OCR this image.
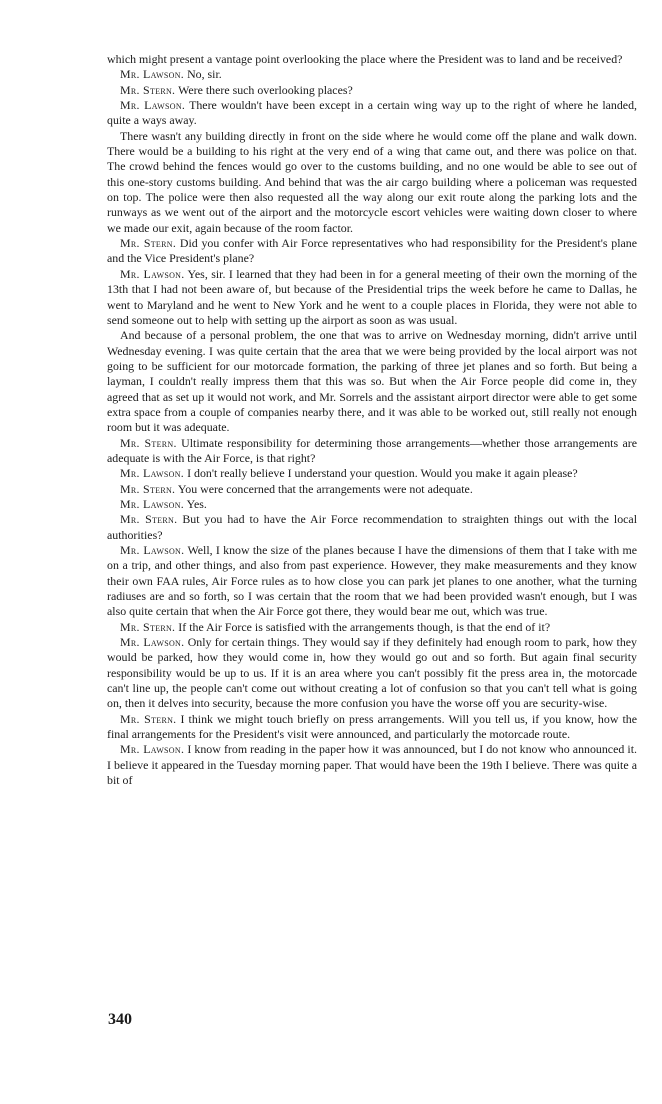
which might present a vantage point overlooking the place where the President was to land and be received?

Mr. Lawson. No, sir.

Mr. Stern. Were there such overlooking places?

Mr. Lawson. There wouldn't have been except in a certain wing way up to the right of where he landed, quite a ways away.

There wasn't any building directly in front on the side where he would come off the plane and walk down. There would be a building to his right at the very end of a wing that came out, and there was police on that. The crowd behind the fences would go over to the customs building, and no one would be able to see out of this one-story customs building. And behind that was the air cargo building where a policeman was requested on top. The police were then also requested all the way along our exit route along the parking lots and the runways as we went out of the airport and the motorcycle escort vehicles were waiting down closer to where we made our exit, again because of the room factor.

Mr. Stern. Did you confer with Air Force representatives who had responsibility for the President's plane and the Vice President's plane?

Mr. Lawson. Yes, sir. I learned that they had been in for a general meeting of their own the morning of the 13th that I had not been aware of, but because of the Presidential trips the week before he came to Dallas, he went to Maryland and he went to New York and he went to a couple places in Florida, they were not able to send someone out to help with setting up the airport as soon as was usual.

And because of a personal problem, the one that was to arrive on Wednesday morning, didn't arrive until Wednesday evening. I was quite certain that the area that we were being provided by the local airport was not going to be sufficient for our motorcade formation, the parking of three jet planes and so forth. But being a layman, I couldn't really impress them that this was so. But when the Air Force people did come in, they agreed that as set up it would not work, and Mr. Sorrels and the assistant airport director were able to get some extra space from a couple of companies nearby there, and it was able to be worked out, still really not enough room but it was adequate.

Mr. Stern. Ultimate responsibility for determining those arrangements—whether those arrangements are adequate is with the Air Force, is that right?

Mr. Lawson. I don't really believe I understand your question. Would you make it again please?

Mr. Stern. You were concerned that the arrangements were not adequate.

Mr. Lawson. Yes.

Mr. Stern. But you had to have the Air Force recommendation to straighten things out with the local authorities?

Mr. Lawson. Well, I know the size of the planes because I have the dimensions of them that I take with me on a trip, and other things, and also from past experience. However, they make measurements and they know their own FAA rules, Air Force rules as to how close you can park jet planes to one another, what the turning radiuses are and so forth, so I was certain that the room that we had been provided wasn't enough, but I was also quite certain that when the Air Force got there, they would bear me out, which was true.

Mr. Stern. If the Air Force is satisfied with the arrangements though, is that the end of it?

Mr. Lawson. Only for certain things. They would say if they definitely had enough room to park, how they would be parked, how they would come in, how they would go out and so forth. But again final security responsibility would be up to us. If it is an area where you can't possibly fit the press area in, the motorcade can't line up, the people can't come out without creating a lot of confusion so that you can't tell what is going on, then it delves into security, because the more confusion you have the worse off you are security-wise.

Mr. Stern. I think we might touch briefly on press arrangements. Will you tell us, if you know, how the final arrangements for the President's visit were announced, and particularly the motorcade route.

Mr. Lawson. I know from reading in the paper how it was announced, but I do not know who announced it. I believe it appeared in the Tuesday morning paper. That would have been the 19th I believe. There was quite a bit of

340
